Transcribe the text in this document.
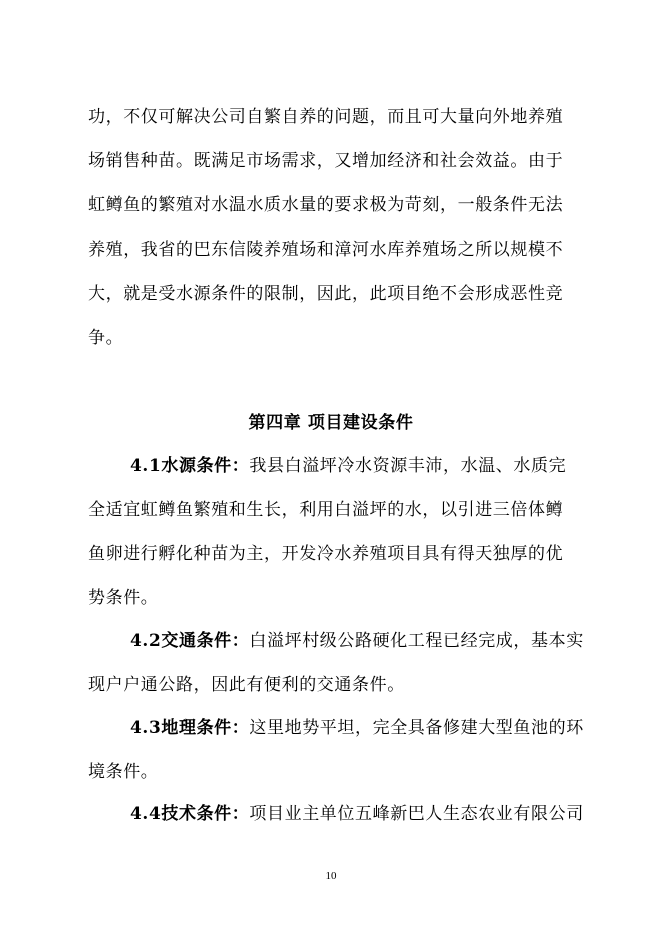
功，不仅可解决公司自繁自养的问题，而且可大量向外地养殖
场销售种苗。既满足市场需求，又增加经济和社会效益。由于
虹鳟鱼的繁殖对水温水质水量的要求极为苛刻，一般条件无法
养殖，我省的巴东信陵养殖场和漳河水库养殖场之所以规模不
大，就是受水源条件的限制，因此，此项目绝不会形成恶性竞
争。
第四章 项目建设条件
4.1水源条件：我县白溢坪冷水资源丰沛，水温、水质完
全适宜虹鳟鱼繁殖和生长，利用白溢坪的水，以引进三倍体鳟
鱼卵进行孵化种苗为主，开发冷水养殖项目具有得天独厚的优
势条件。
4.2交通条件：白溢坪村级公路硬化工程已经完成，基本实
现户户通公路，因此有便利的交通条件。
4.3地理条件：这里地势平坦，完全具备修建大型鱼池的环
境条件。
4.4技术条件：项目业主单位五峰新巴人生态农业有限公司
10
